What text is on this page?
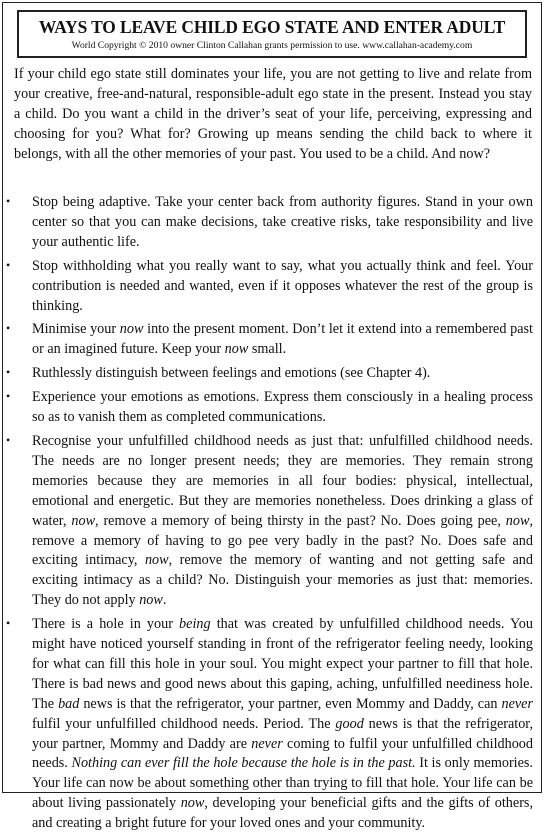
WAYS TO LEAVE CHILD EGO STATE AND ENTER ADULT
World Copyright © 2010 owner Clinton Callahan grants permission to use. www.callahan-academy.com

If your child ego state still dominates your life, you are not getting to live and relate from your creative, free-and-natural, responsible-adult ego state in the present. Instead you stay a child. Do you want a child in the driver’s seat of your life, perceiving, expressing and choosing for you? What for? Growing up means sending the child back to where it belongs, with all the other memories of your past. You used to be a child. And now?

• Stop being adaptive. Take your center back from authority figures. Stand in your own center so that you can make decisions, take creative risks, take responsibility and live your authentic life.
• Stop withholding what you really want to say, what you actually think and feel. Your contribution is needed and wanted, even if it opposes whatever the rest of the group is thinking.
• Minimise your now into the present moment. Don’t let it extend into a remembered past or an imagined future. Keep your now small.
• Ruthlessly distinguish between feelings and emotions (see Chapter 4).
• Experience your emotions as emotions. Express them consciously in a healing process so as to vanish them as completed communications.
• Recognise your unfulfilled childhood needs as just that: unfulfilled childhood needs. The needs are no longer present needs; they are memories. They remain strong memories because they are memories in all four bodies: physical, intellectual, emotional and energetic. But they are memories nonetheless. Does drinking a glass of water, now, remove a memory of being thirsty in the past? No. Does going pee, now, remove a memory of having to go pee very badly in the past? No. Does safe and exciting intimacy, now, remove the memory of wanting and not getting safe and exciting intimacy as a child? No. Distinguish your memories as just that: memories. They do not apply now.
• There is a hole in your being that was created by unfulfilled childhood needs. You might have noticed yourself standing in front of the refrigerator feeling needy, looking for what can fill this hole in your soul. You might expect your partner to fill that hole. There is bad news and good news about this gaping, aching, unfulfilled neediness hole. The bad news is that the refrigerator, your partner, even Mommy and Daddy, can never fulfil your unfulfilled childhood needs. Period. The good news is that the refrigerator, your partner, Mommy and Daddy are never coming to fulfil your unfulfilled childhood needs. Nothing can ever fill the hole because the hole is in the past. It is only memories. Your life can now be about something other than trying to fill that hole. Your life can be about living passionately now, developing your beneficial gifts and the gifts of others, and creating a bright future for your loved ones and your community.
